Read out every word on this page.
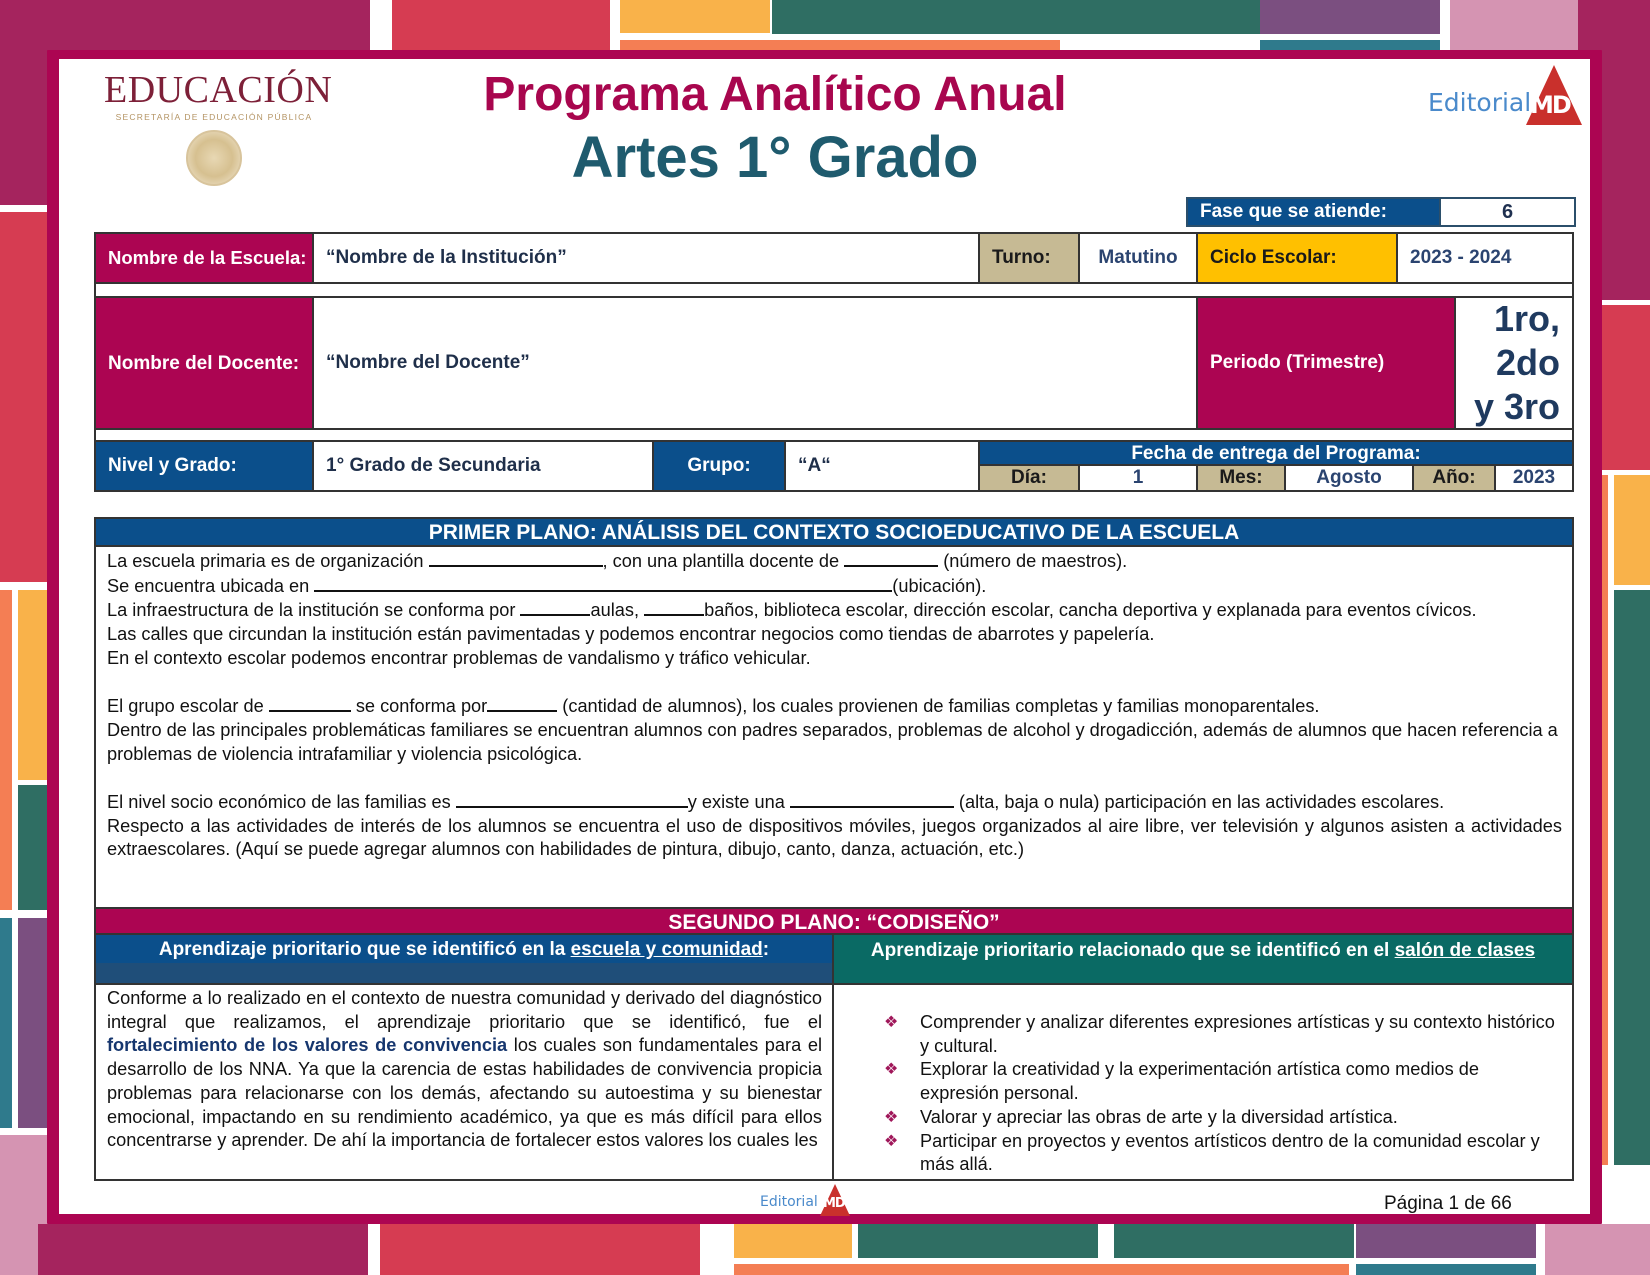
EDUCACIÓN
SECRETARÍA DE EDUCACIÓN PÚBLICA	Programa Analítico Anual
Artes 1° Grado
Editorial
MD
Fase que se atiende:	6
Nombre de la Escuela: “Nombre de la Institución”	Turno:	Matutino Ciclo Escolar:	2023 - 2024
Nombre del Docente: “Nombre del Docente”	Periodo (Trimestre)
1ro,
2do
y 3ro
Nivel y Grado:	1° Grado de Secundaria	Grupo: “A“
Fecha de entrega del Programa:
Día:	1	Mes:	Agosto	Año: 2023
PRIMER PLANO: ANÁLISIS DEL CONTEXTO SOCIOEDUCATIVO DE LA ESCUELA

La escuela primaria es de organización	, con una plantilla docente de	(número de maestros).

Se encuentra ubicada en	(ubicación).

La infraestructura de la institución se conforma por	aulas,	baños, biblioteca escolar, dirección escolar, cancha deportiva y explanada para eventos cívicos.

Las calles que circundan la institución están pavimentadas y podemos encontrar negocios como tiendas de abarrotes y papelería.

En el contexto escolar podemos encontrar problemas de vandalismo y tráfico vehicular.

El grupo escolar de	se conforma por	(cantidad de alumnos), los cuales provienen de familias completas y familias monoparentales.

Dentro de las principales problemáticas familiares se encuentran alumnos con padres separados, problemas de alcohol y drogadicción, además de alumnos que hacen referencia a problemas de violencia intrafamiliar y violencia psicológica.

El nivel socio económico de las familias es	y existe una	(alta, baja o nula) participación en las actividades escolares.

Respecto a las actividades de interés de los alumnos se encuentra el uso de dispositivos móviles, juegos organizados al aire libre, ver televisión y algunos asisten a actividades extraescolares. (Aquí se puede agregar alumnos con habilidades de pintura, dibujo, canto, danza, actuación, etc.)

SEGUNDO PLANO: “CODISEÑO”
Aprendizaje prioritario que se identificó en la escuela y comunidad:	Aprendizaje prioritario relacionado que se identificó en el salón de clases
Conforme a lo realizado en el contexto de nuestra comunidad y derivado del diagnóstico integral que realizamos, el aprendizaje prioritario que se identificó, fue el fortalecimiento de los valores de convivencia los cuales son fundamentales para el desarrollo de los NNA. Ya que la carencia de estas habilidades de convivencia propicia problemas para relacionarse con los demás, afectando su autoestima y su bienestar emocional, impactando en su rendimiento académico, ya que es más difícil para ellos concentrarse y aprender. De ahí la importancia de fortalecer estos valores los cuales les
❖ Comprender y analizar diferentes expresiones artísticas y su contexto histórico y cultural.
❖ Explorar la creatividad y la experimentación artística como medios de expresión personal.
❖ Valorar y apreciar las obras de arte y la diversidad artística.
❖ Participar en proyectos y eventos artísticos dentro de la comunidad escolar y más allá.
Editorial MD	Página 1 de 66
